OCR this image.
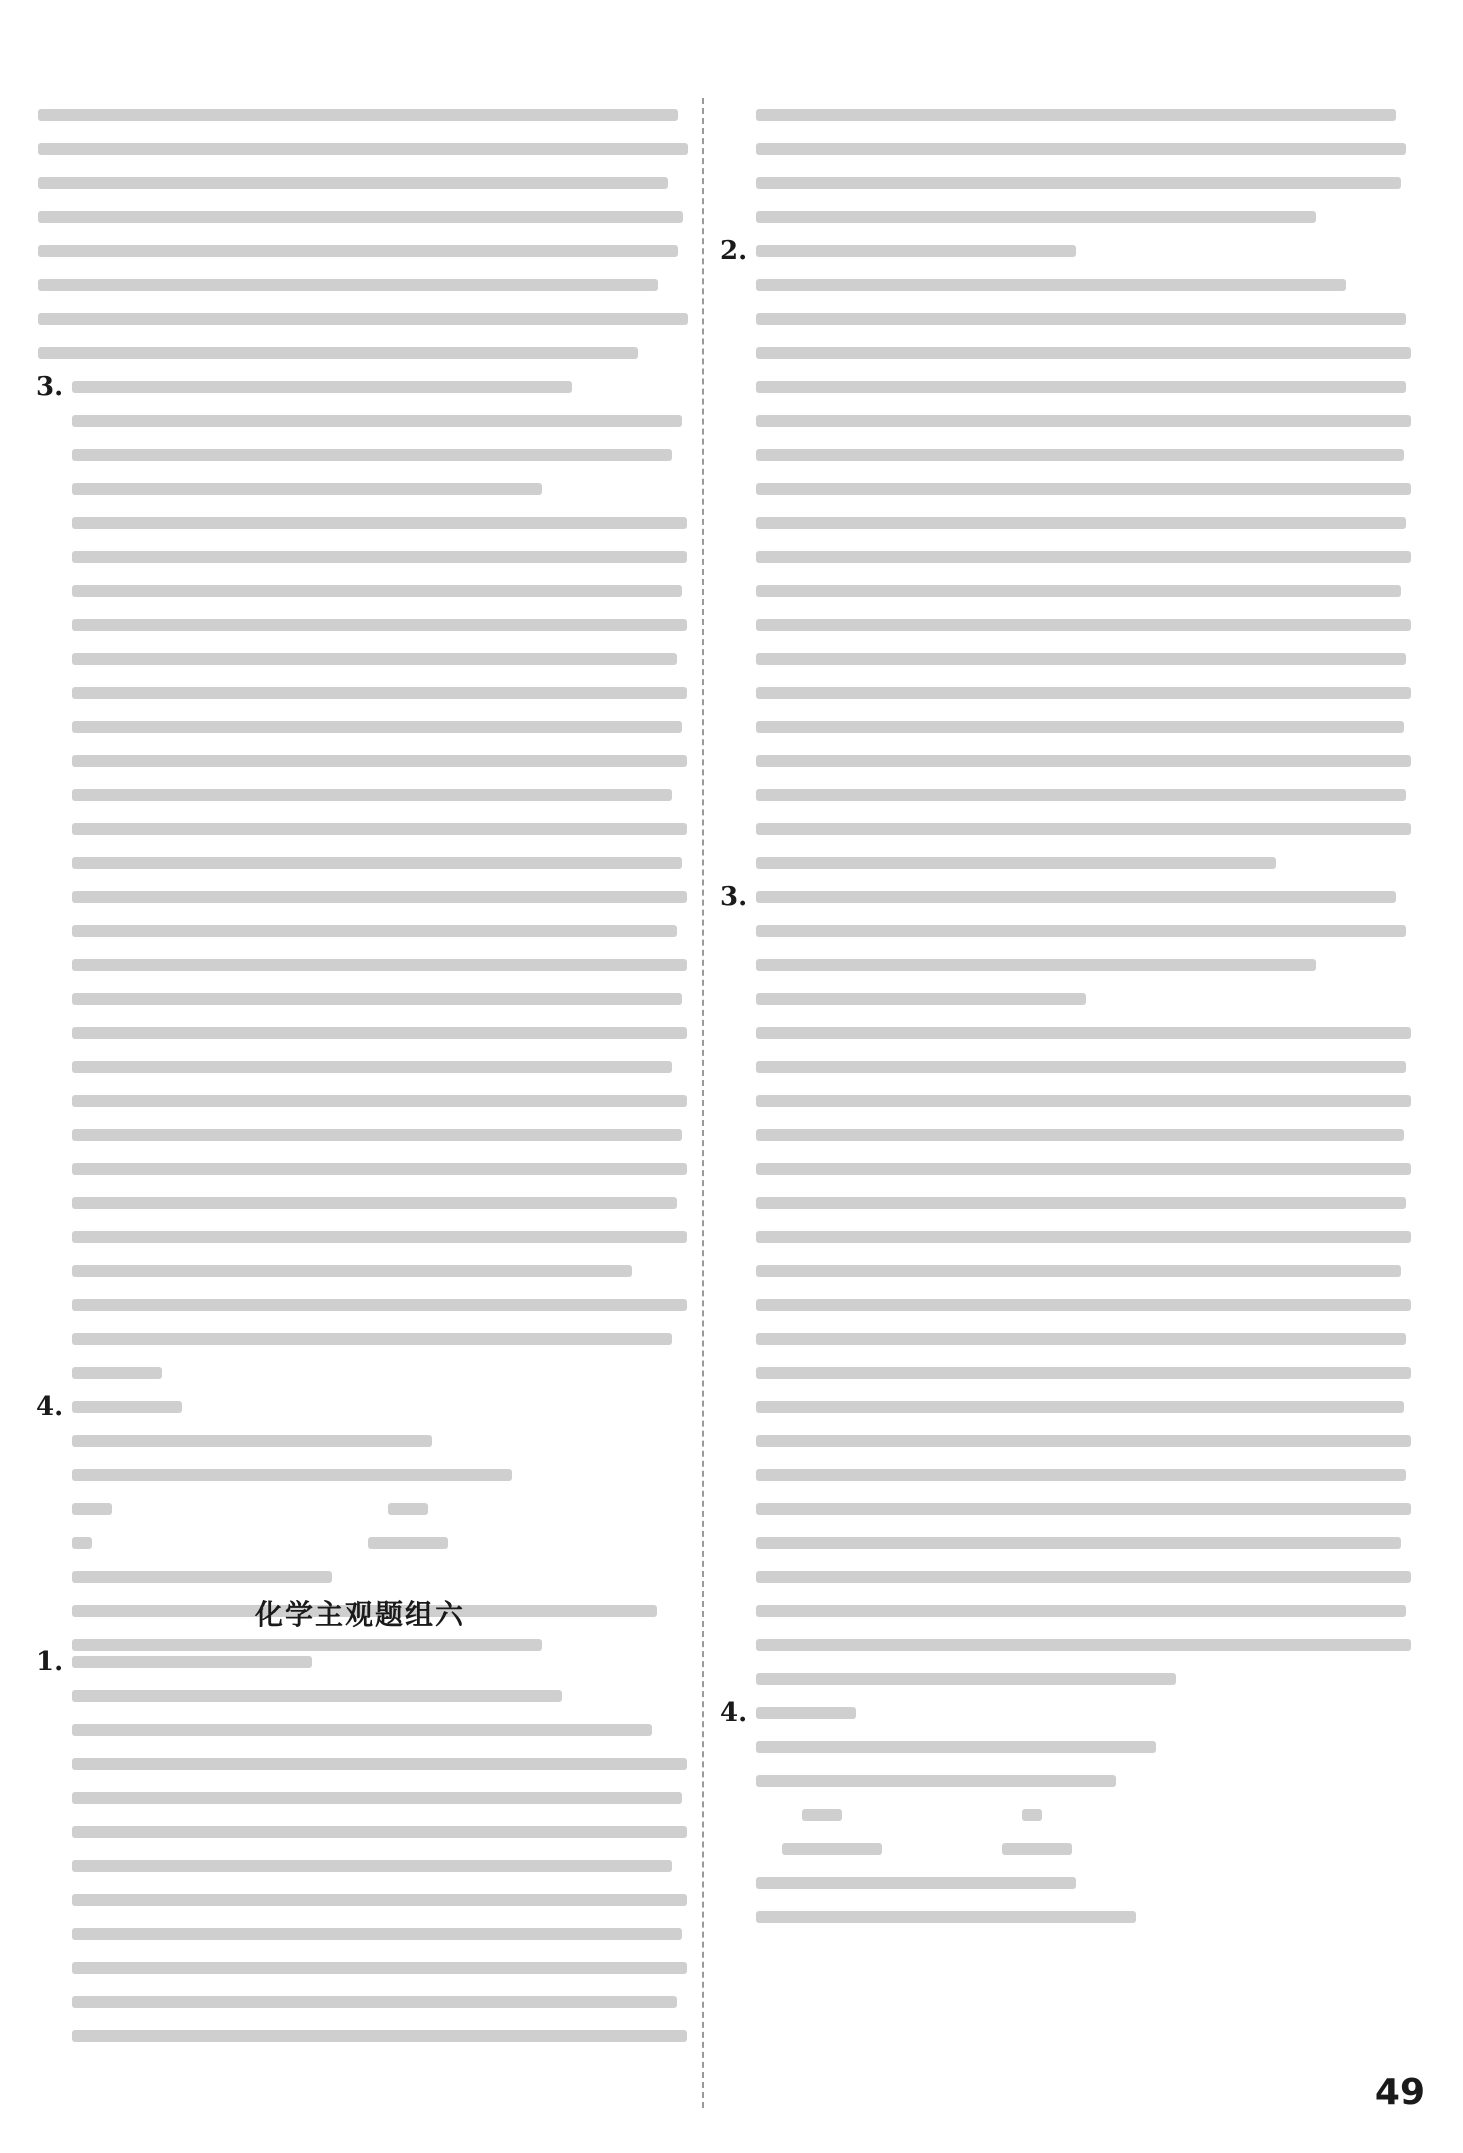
3.
4.
化学主观题组六
1.
2.
3.
4.
49
